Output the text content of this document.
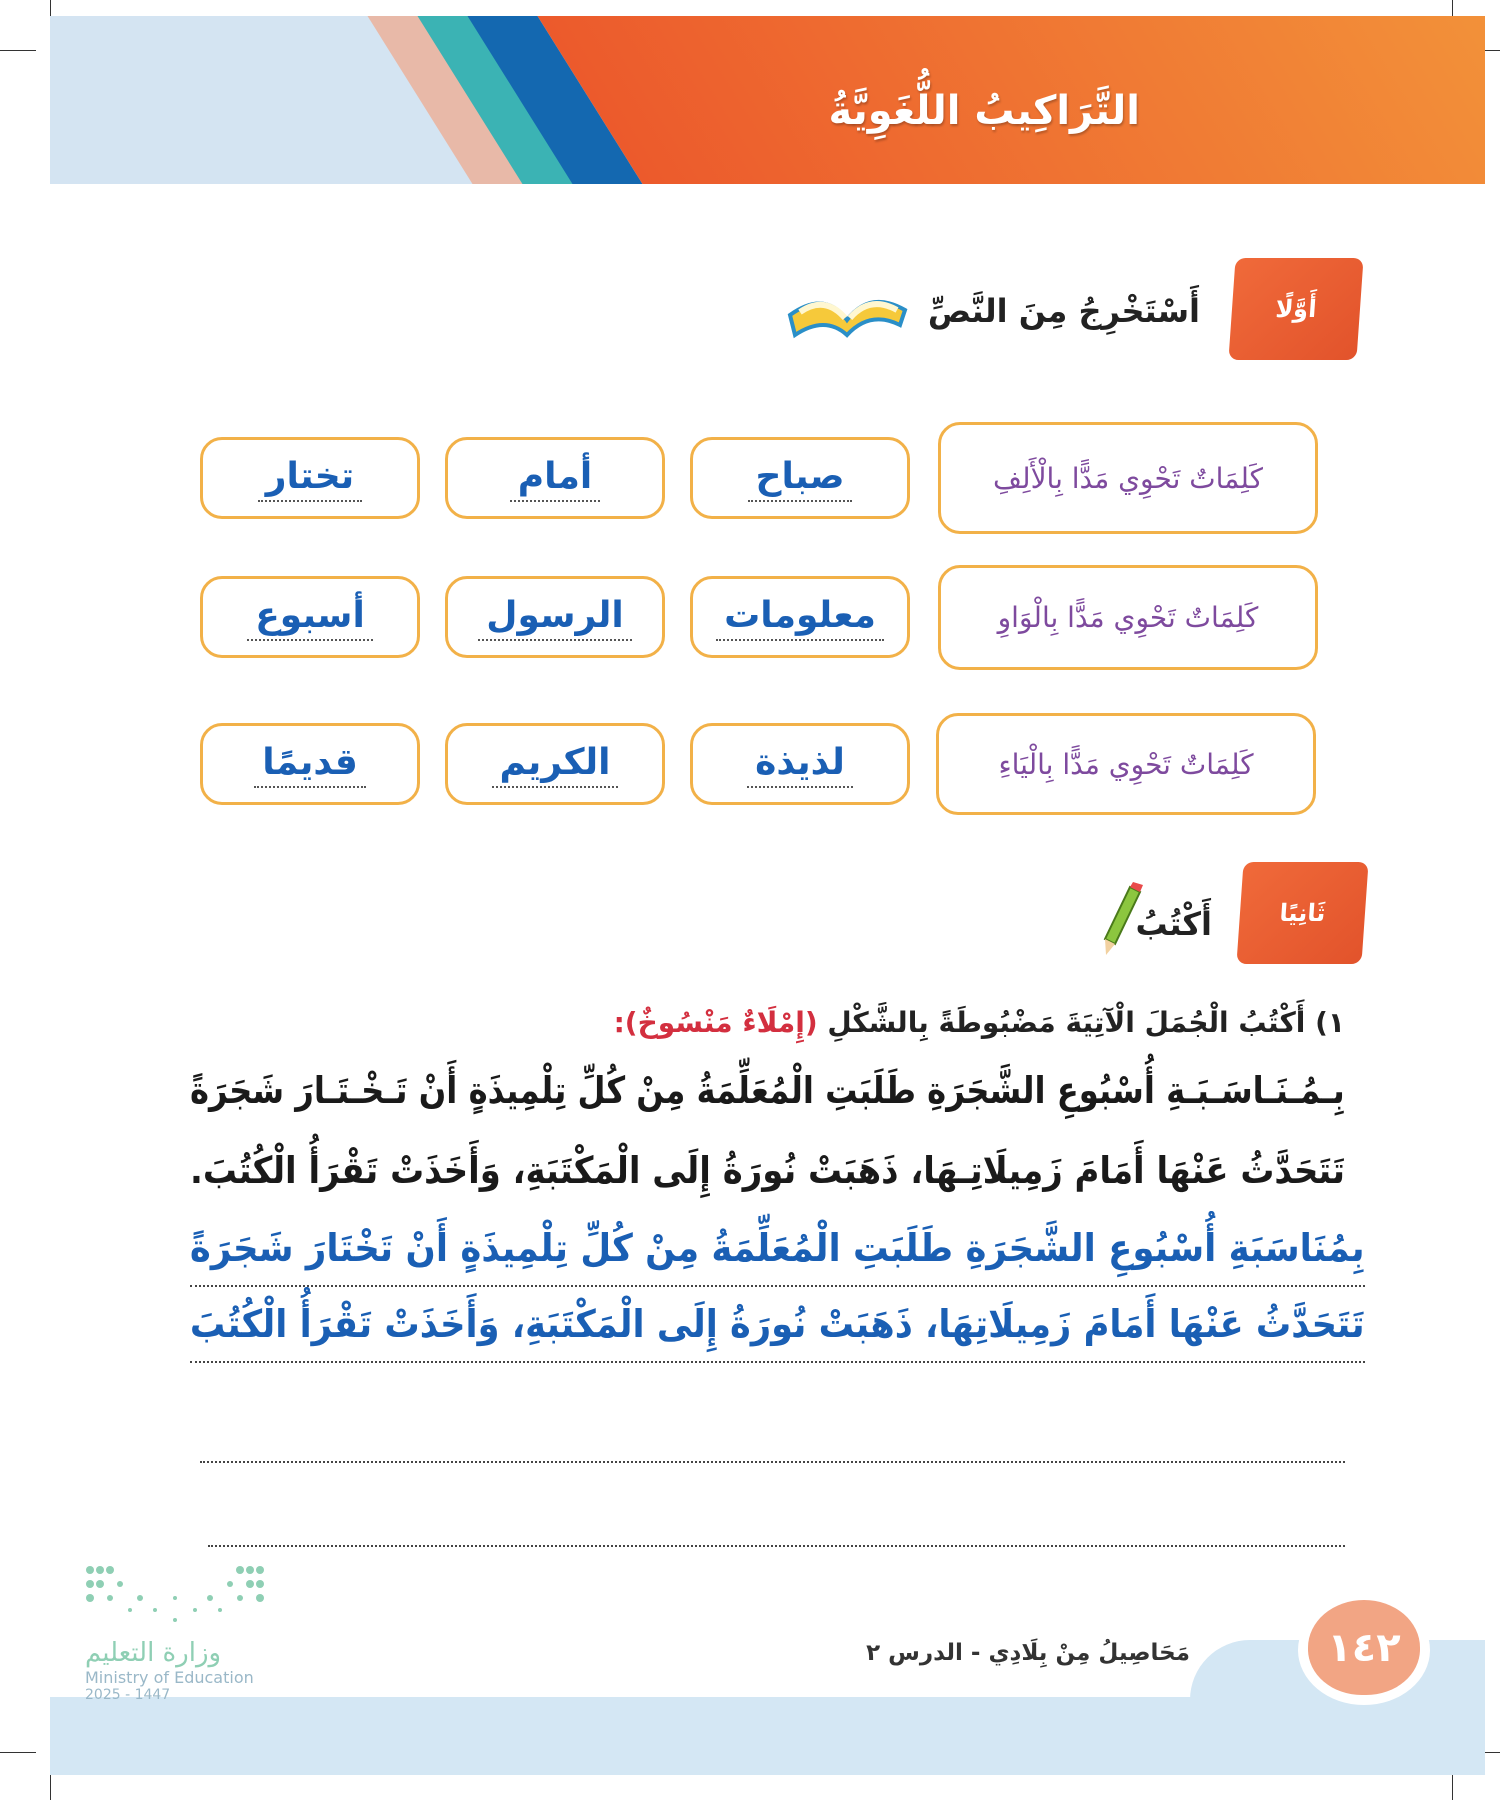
التَّرَاكِيبُ اللُّغَوِيَّةُ
أَوَّلًا
أَسْتَخْرِجُ مِنَ النَّصِّ
كَلِمَاتٌ تَحْوِي مَدًّا بِالْأَلِفِ
صباح
أمام
تختار
كَلِمَاتٌ تَحْوِي مَدًّا بِالْوَاوِ
معلومات
الرسول
أسبوع
كَلِمَاتٌ تَحْوِي مَدًّا بِالْيَاءِ
لذيذة
الكريم
قديمًا
ثَانِيًا
أَكْتُبُ
١) أَكْتُبُ الْجُمَلَ الْآتِيَةَ مَضْبُوطَةً بِالشَّكْلِ (إِمْلَاءٌ مَنْسُوخٌ):
بِـمُـنَـاسَـبَـةِ أُسْبُوعِ الشَّجَرَةِ طَلَبَتِ الْمُعَلِّمَةُ مِنْ كُلِّ تِلْمِيذَةٍ أَنْ تَـخْـتَـارَ شَجَرَةً
تَتَحَدَّثُ عَنْهَا أَمَامَ زَمِيلَاتِـهَا، ذَهَبَتْ نُورَةُ إِلَى الْمَكْتَبَةِ، وَأَخَذَتْ تَقْرَأُ الْكُتُبَ.
بِمُنَاسَبَةِ أُسْبُوعِ الشَّجَرَةِ طَلَبَتِ الْمُعَلِّمَةُ مِنْ كُلِّ تِلْمِيذَةٍ أَنْ تَخْتَارَ شَجَرَةً
تَتَحَدَّثُ عَنْهَا أَمَامَ زَمِيلَاتِهَا، ذَهَبَتْ نُورَةُ إِلَى الْمَكْتَبَةِ، وَأَخَذَتْ تَقْرَأُ الْكُتُبَ
١٤٢
مَحَاصِيلُ مِنْ بِلَادِي - الدرس ٢
وزارة التعليم
Ministry of Education
2025 - 1447
